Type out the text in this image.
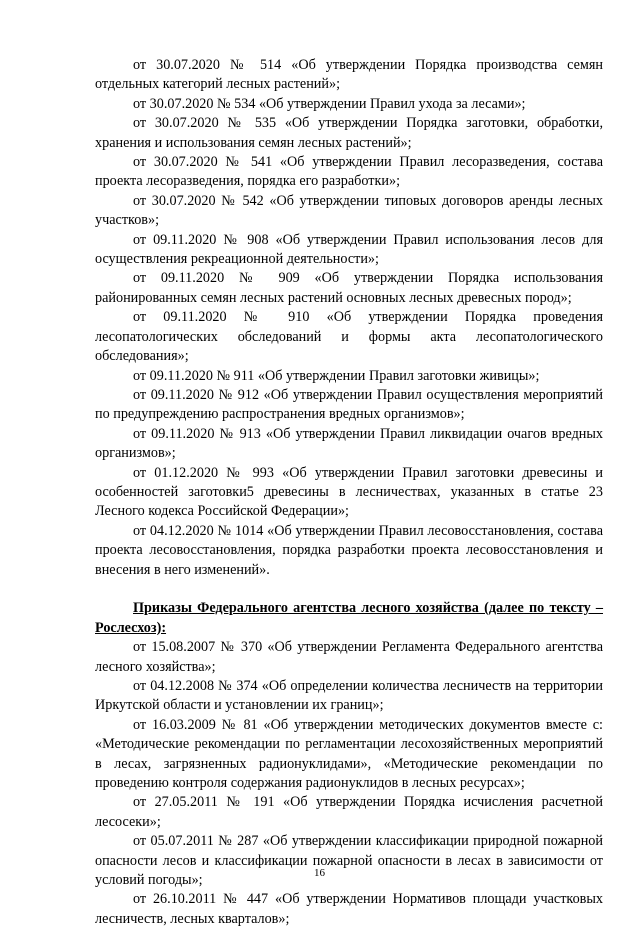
от 30.07.2020 № 514 «Об утверждении Порядка производства семян отдельных категорий лесных растений»;

от 30.07.2020 № 534 «Об утверждении Правил ухода за лесами»;

от 30.07.2020 № 535 «Об утверждении Порядка заготовки, обработки, хранения и использования семян лесных растений»;

от 30.07.2020 № 541 «Об утверждении Правил лесоразведения, состава проекта лесоразведения, порядка его разработки»;

от 30.07.2020 № 542 «Об утверждении типовых договоров аренды лесных участков»;

от 09.11.2020 № 908 «Об утверждении Правил использования лесов для осуществления рекреационной деятельности»;

от 09.11.2020 № 909 «Об утверждении Порядка использования районированных семян лесных растений основных лесных древесных пород»;

от 09.11.2020 № 910 «Об утверждении Порядка проведения лесопатологических обследований и формы акта лесопатологического обследования»;

от 09.11.2020 № 911 «Об утверждении Правил заготовки живицы»;

от 09.11.2020 № 912 «Об утверждении Правил осуществления мероприятий по предупреждению распространения вредных организмов»;

от 09.11.2020 № 913 «Об утверждении Правил ликвидации очагов вредных организмов»;

от 01.12.2020 № 993 «Об утверждении Правил заготовки древесины и особенностей заготовки5 древесины в лесничествах, указанных в статье 23 Лесного кодекса Российской Федерации»;

от 04.12.2020 № 1014 «Об утверждении Правил лесовосстановления, состава проекта лесовосстановления, порядка разработки проекта лесовосстановления и внесения в него изменений».

Приказы Федерального агентства лесного хозяйства (далее по тексту – Рослесхоз):

от 15.08.2007 № 370 «Об утверждении Регламента Федерального агентства лесного хозяйства»;

от 04.12.2008 № 374 «Об определении количества лесничеств на территории Иркутской области и установлении их границ»;

от 16.03.2009 № 81 «Об утверждении методических документов вместе с: «Методические рекомендации по регламентации лесохозяйственных мероприятий в лесах, загрязненных радионуклидами», «Методические рекомендации по проведению контроля содержания радионуклидов в лесных ресурсах»;

от 27.05.2011 № 191 «Об утверждении Порядка исчисления расчетной лесосеки»;

от 05.07.2011 № 287 «Об утверждении классификации природной пожарной опасности лесов и классификации пожарной опасности в лесах в зависимости от условий погоды»;

от 26.10.2011 № 447 «Об утверждении Нормативов площади участковых лесничеств, лесных кварталов»;

16
